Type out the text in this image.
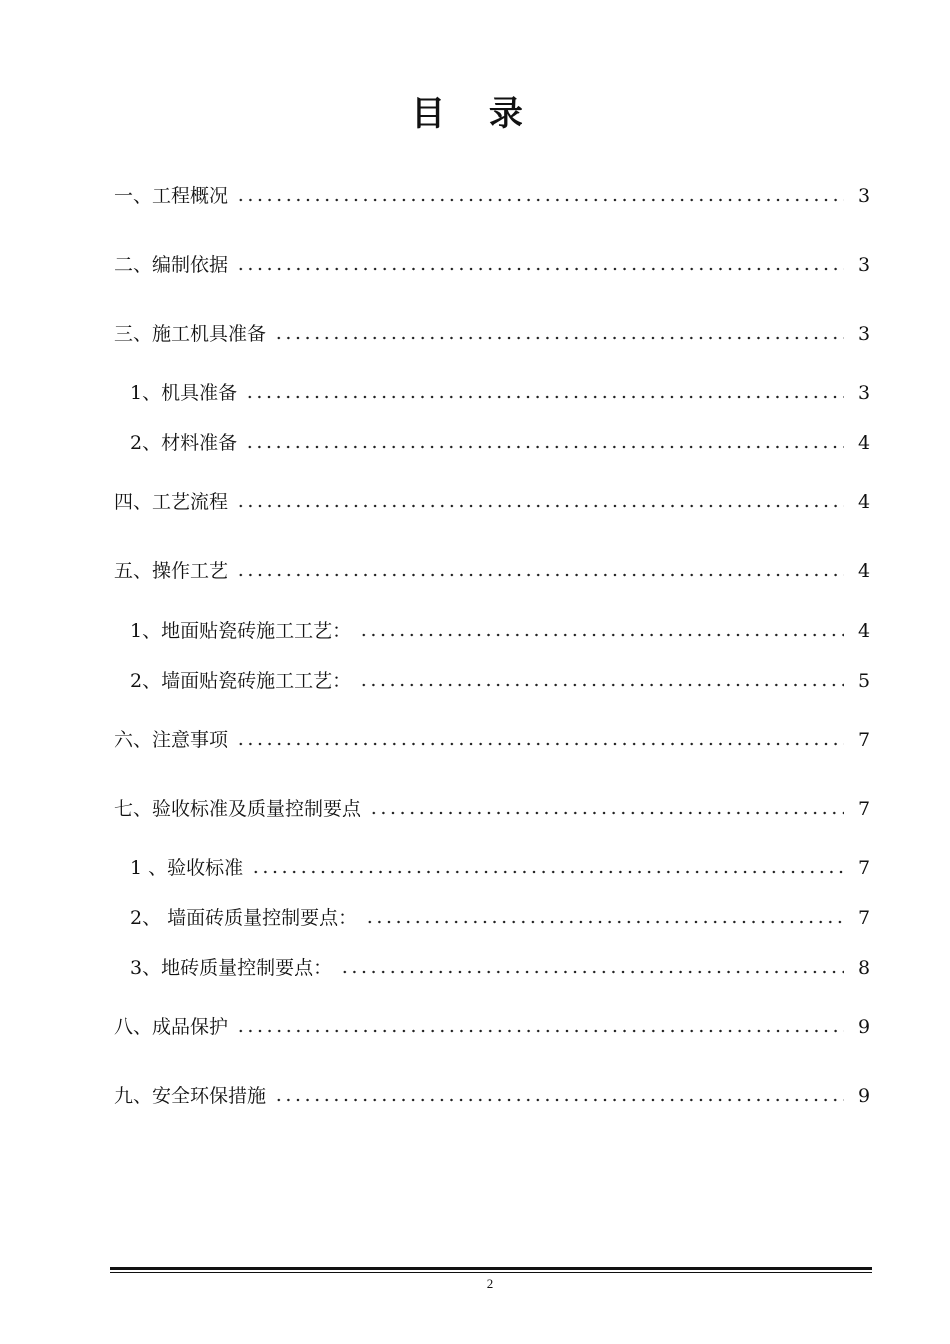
目 录
一、工程概况	3
二、编制依据	3
三、施工机具准备	3
1、机具准备	3
2、材料准备	4
四、工艺流程	4
五、操作工艺	4
1、地面贴瓷砖施工工艺：	4
2、墙面贴瓷砖施工工艺：	5
六、注意事项	7
七、验收标准及质量控制要点	7
1 、验收标准	7
2、 墙面砖质量控制要点：	7
3、地砖质量控制要点：	8
八、成品保护	9
九、安全环保措施	9
2
